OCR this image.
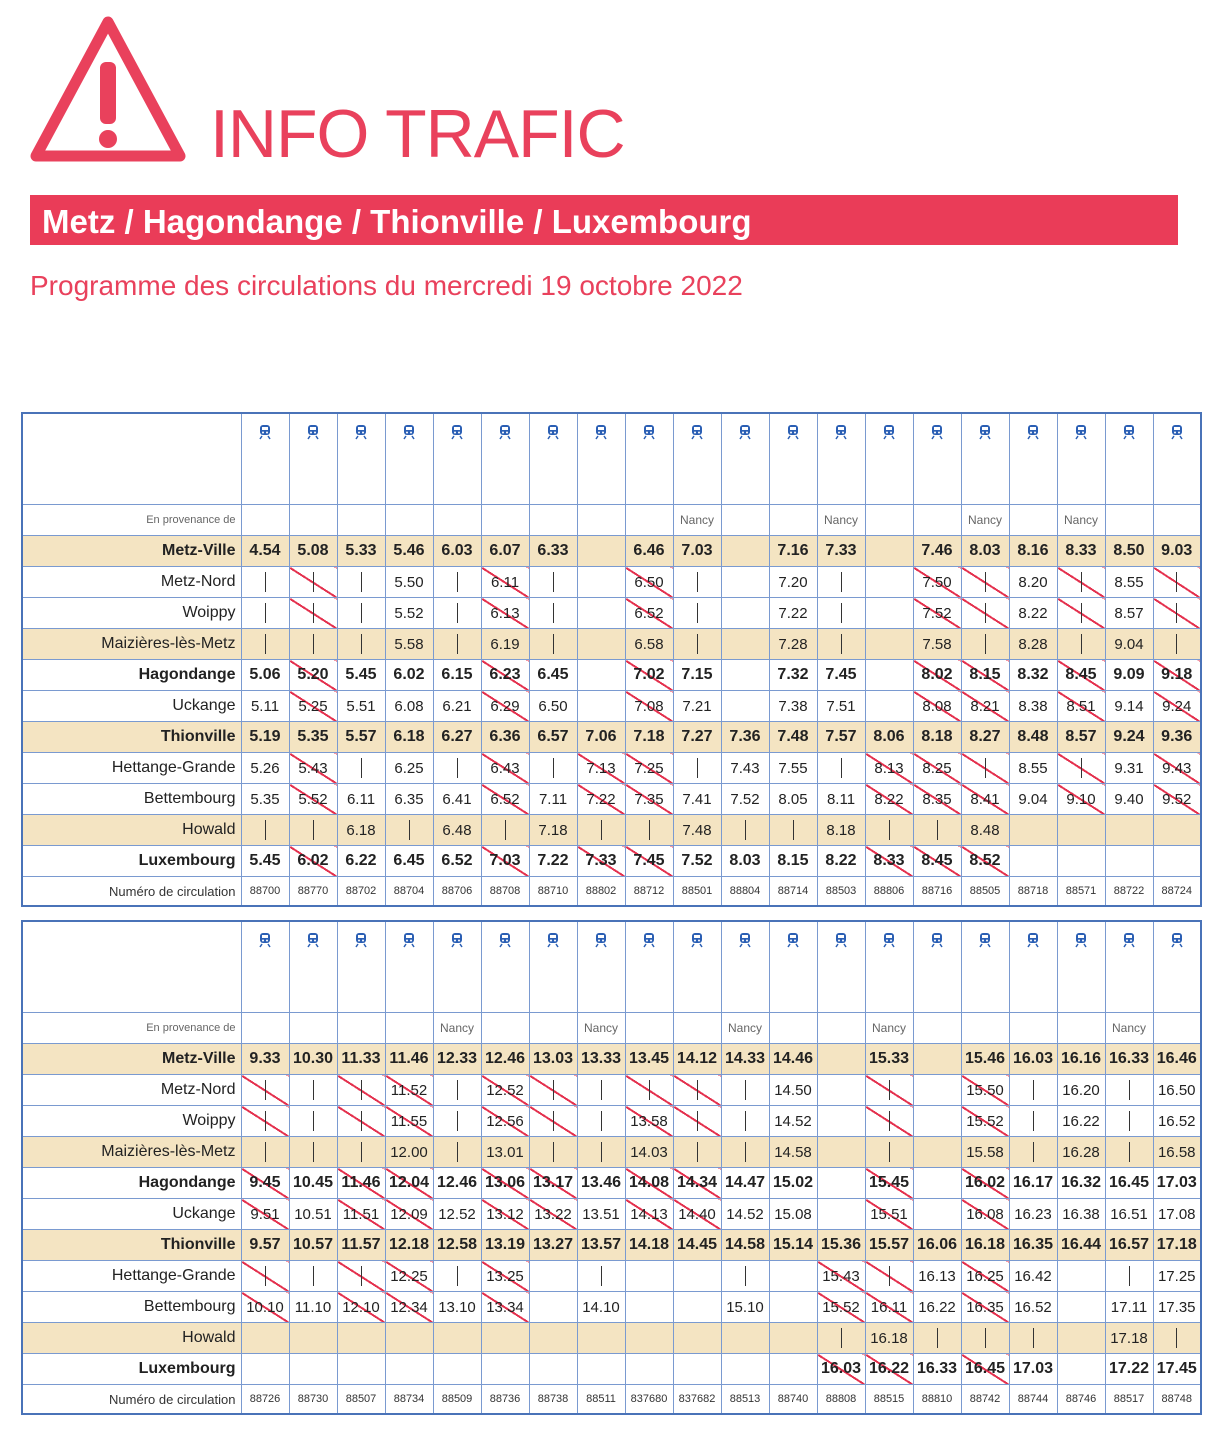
INFO TRAFIC
Metz / Hagondange / Thionville / Luxembourg
Programme des circulations du mercredi 19 octobre 2022

En provenance de										Nancy			Nancy			Nancy		Nancy		
Metz-Ville	4.54	5.08	5.33	5.46	6.03	6.07	6.33		6.46	7.03		7.16	7.33		7.46	8.03	8.16	8.33	8.50	9.03
Metz-Nord				5.50		6.11			6.50			7.20			7.50		8.20		8.55	
Woippy				5.52		6.13			6.52			7.22			7.52		8.22		8.57	
Maizières-lès-Metz				5.58		6.19			6.58			7.28			7.58		8.28		9.04	
Hagondange	5.06	5.20	5.45	6.02	6.15	6.23	6.45		7.02	7.15		7.32	7.45		8.02	8.15	8.32	8.45	9.09	9.18
Uckange	5.11	5.25	5.51	6.08	6.21	6.29	6.50		7.08	7.21		7.38	7.51		8.08	8.21	8.38	8.51	9.14	9.24
Thionville	5.19	5.35	5.57	6.18	6.27	6.36	6.57	7.06	7.18	7.27	7.36	7.48	7.57	8.06	8.18	8.27	8.48	8.57	9.24	9.36
Hettange-Grande	5.26	5.43		6.25		6.43		7.13	7.25		7.43	7.55		8.13	8.25		8.55		9.31	9.43
Bettembourg	5.35	5.52	6.11	6.35	6.41	6.52	7.11	7.22	7.35	7.41	7.52	8.05	8.11	8.22	8.35	8.41	9.04	9.10	9.40	9.52
Howald			6.18		6.48		7.18			7.48			8.18			8.48				
Luxembourg	5.45	6.02	6.22	6.45	6.52	7.03	7.22	7.33	7.45	7.52	8.03	8.15	8.22	8.33	8.45	8.52				
Numéro de circulation	88700	88770	88702	88704	88706	88708	88710	88802	88712	88501	88804	88714	88503	88806	88716	88505	88718	88571	88722	88724

En provenance de					Nancy			Nancy			Nancy			Nancy					Nancy	
Metz-Ville	9.33	10.30	11.33	11.46	12.33	12.46	13.03	13.33	13.45	14.12	14.33	14.46		15.33		15.46	16.03	16.16	16.33	16.46
Metz-Nord				11.52		12.52						14.50				15.50		16.20		16.50
Woippy				11.55		12.56			13.58			14.52				15.52		16.22		16.52
Maizières-lès-Metz				12.00		13.01			14.03			14.58				15.58		16.28		16.58
Hagondange	9.45	10.45	11.46	12.04	12.46	13.06	13.17	13.46	14.08	14.34	14.47	15.02		15.45		16.02	16.17	16.32	16.45	17.03
Uckange	9.51	10.51	11.51	12.09	12.52	13.12	13.22	13.51	14.13	14.40	14.52	15.08		15.51		16.08	16.23	16.38	16.51	17.08
Thionville	9.57	10.57	11.57	12.18	12.58	13.19	13.27	13.57	14.18	14.45	14.58	15.14	15.36	15.57	16.06	16.18	16.35	16.44	16.57	17.18
Hettange-Grande				12.25		13.25							15.43		16.13	16.25	16.42			17.25
Bettembourg	10.10	11.10	12.10	12.34	13.10	13.34		14.10			15.10		15.52	16.11	16.22	16.35	16.52		17.11	17.35
Howald														16.18					17.18	
Luxembourg													16.03	16.22	16.33	16.45	17.03		17.22	17.45
Numéro de circulation	88726	88730	88507	88734	88509	88736	88738	88511	837680	837682	88513	88740	88808	88515	88810	88742	88744	88746	88517	88748
